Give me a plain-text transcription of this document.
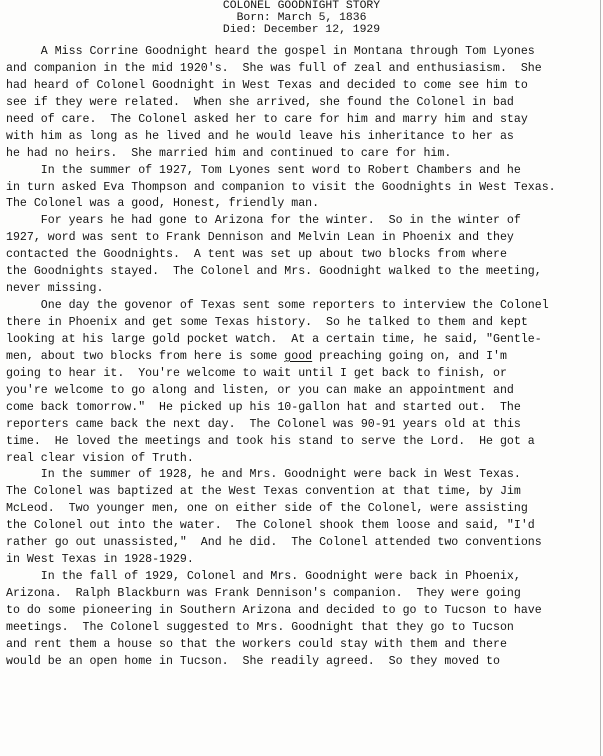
COLONEL GOODNIGHT STORY
Born: March 5, 1836
Died: December 12, 1929
A Miss Corrine Goodnight heard the gospel in Montana through Tom Lyones
and companion in the mid 1920's.  She was full of zeal and enthusiasism.  She
had heard of Colonel Goodnight in West Texas and decided to come see him to
see if they were related.  When she arrived, she found the Colonel in bad
need of care.  The Colonel asked her to care for him and marry him and stay
with him as long as he lived and he would leave his inheritance to her as
he had no heirs.  She married him and continued to care for him.
In the summer of 1927, Tom Lyones sent word to Robert Chambers and he
in turn asked Eva Thompson and companion to visit the Goodnights in West Texas.
The Colonel was a good, Honest, friendly man.
For years he had gone to Arizona for the winter.  So in the winter of
1927, word was sent to Frank Dennison and Melvin Lean in Phoenix and they
contacted the Goodnights.  A tent was set up about two blocks from where
the Goodnights stayed.  The Colonel and Mrs. Goodnight walked to the meeting,
never missing.
One day the govenor of Texas sent some reporters to interview the Colonel
there in Phoenix and get some Texas history.  So he talked to them and kept
looking at his large gold pocket watch.  At a certain time, he said, "Gentle-
men, about two blocks from here is some good preaching going on, and I'm
going to hear it.  You're welcome to wait until I get back to finish, or
you're welcome to go along and listen, or you can make an appointment and
come back tomorrow."  He picked up his 10-gallon hat and started out.  The
reporters came back the next day.  The Colonel was 90-91 years old at this
time.  He loved the meetings and took his stand to serve the Lord.  He got a
real clear vision of Truth.
In the summer of 1928, he and Mrs. Goodnight were back in West Texas.
The Colonel was baptized at the West Texas convention at that time, by Jim
McLeod.  Two younger men, one on either side of the Colonel, were assisting
the Colonel out into the water.  The Colonel shook them loose and said, "I'd
rather go out unassisted,"  And he did.  The Colonel attended two conventions
in West Texas in 1928-1929.
In the fall of 1929, Colonel and Mrs. Goodnight were back in Phoenix,
Arizona.  Ralph Blackburn was Frank Dennison's companion.  They were going
to do some pioneering in Southern Arizona and decided to go to Tucson to have
meetings.  The Colonel suggested to Mrs. Goodnight that they go to Tucson
and rent them a house so that the workers could stay with them and there
would be an open home in Tucson.  She readily agreed.  So they moved to
